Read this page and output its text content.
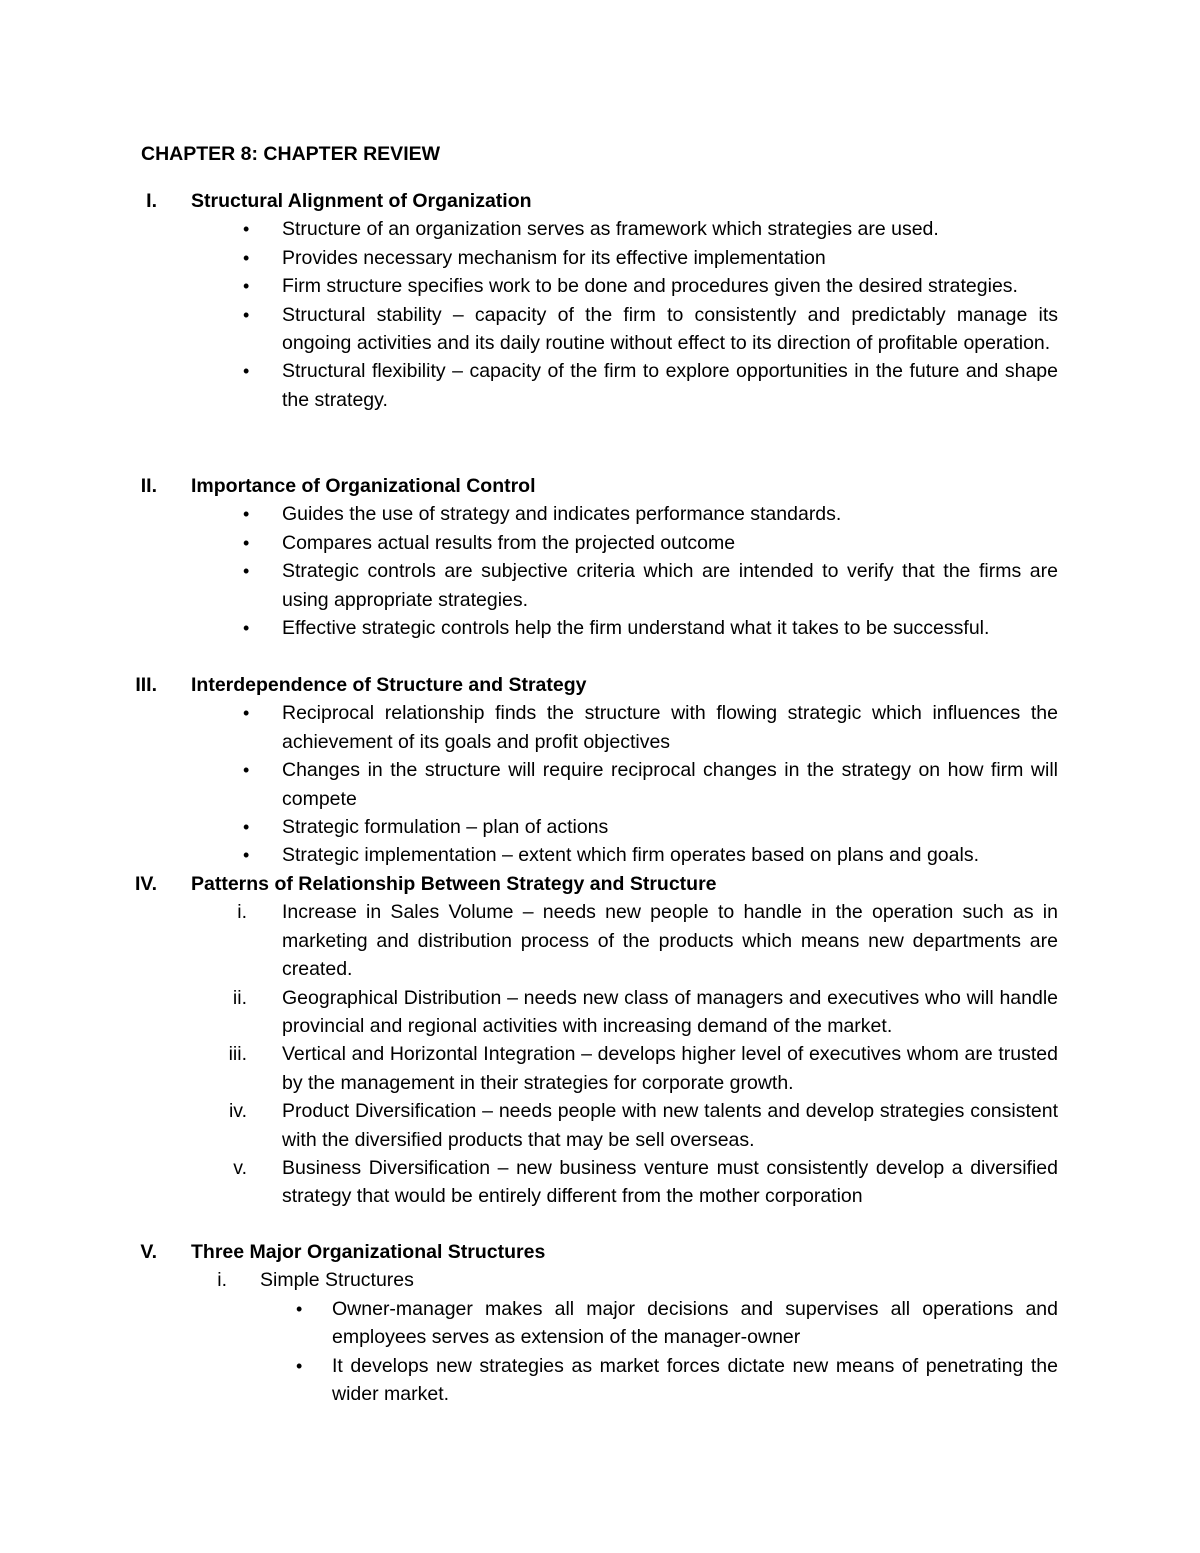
CHAPTER 8: CHAPTER REVIEW
I. Structural Alignment of Organization
• Structure of an organization serves as framework which strategies are used.
• Provides necessary mechanism for its effective implementation
• Firm structure specifies work to be done and procedures given the desired strategies.
• Structural stability – capacity of the firm to consistently and predictably manage its ongoing activities and its daily routine without effect to its direction of profitable operation.
• Structural flexibility – capacity of the firm to explore opportunities in the future and shape the strategy.
II. Importance of Organizational Control
• Guides the use of strategy and indicates performance standards.
• Compares actual results from the projected outcome
• Strategic controls are subjective criteria which are intended to verify that the firms are using appropriate strategies.
• Effective strategic controls help the firm understand what it takes to be successful.
III. Interdependence of Structure and Strategy
• Reciprocal relationship finds the structure with flowing strategic which influences the achievement of its goals and profit objectives
• Changes in the structure will require reciprocal changes in the strategy on how firm will compete
• Strategic formulation – plan of actions
• Strategic implementation – extent which firm operates based on plans and goals.
IV. Patterns of Relationship Between Strategy and Structure
i. Increase in Sales Volume – needs new people to handle in the operation such as in marketing and distribution process of the products which means new departments are created.
ii. Geographical Distribution – needs new class of managers and executives who will handle provincial and regional activities with increasing demand of the market.
iii. Vertical and Horizontal Integration – develops higher level of executives whom are trusted by the management in their strategies for corporate growth.
iv. Product Diversification – needs people with new talents and develop strategies consistent with the diversified products that may be sell overseas.
v. Business Diversification – new business venture must consistently develop a diversified strategy that would be entirely different from the mother corporation
V. Three Major Organizational Structures
i. Simple Structures
• Owner-manager makes all major decisions and supervises all operations and employees serves as extension of the manager-owner
• It develops new strategies as market forces dictate new means of penetrating the wider market.
